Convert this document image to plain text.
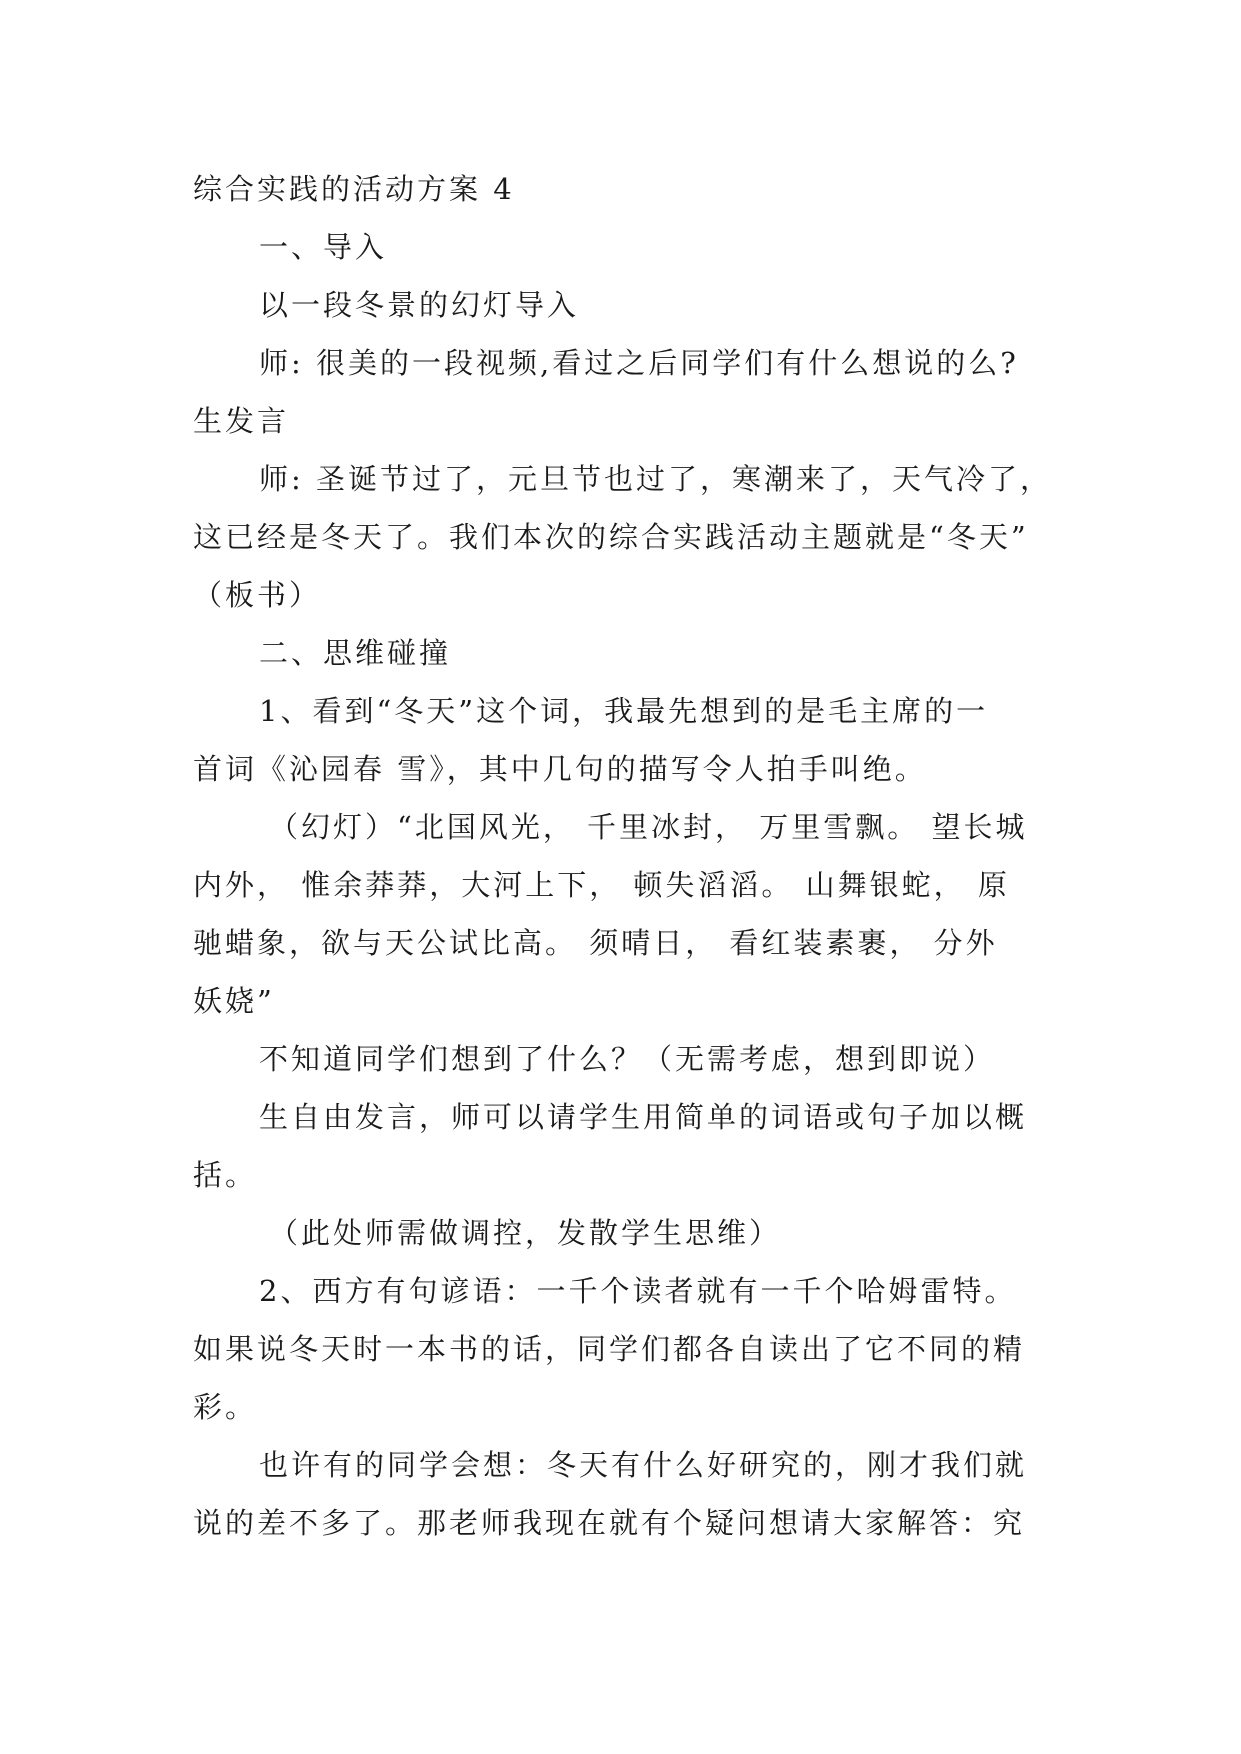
综合实践的活动方案 4
一、导入
以一段冬景的幻灯导入
师: 很美的一段视频,看过之后同学们有什么想说的么?
生发言
师: 圣诞节过了，元旦节也过了，寒潮来了，天气冷了，
这已经是冬天了。我们本次的综合实践活动主题就是“冬天”
（板书）
二、思维碰撞
1、看到“冬天”这个词，我最先想到的是毛主席的一
首词《沁园春 雪》，其中几句的描写令人拍手叫绝。
（幻灯）“北国风光， 千里冰封， 万里雪飘。 望长城
内外， 惟余莽莽，大河上下， 顿失滔滔。 山舞银蛇， 原
驰蜡象，欲与天公试比高。 须晴日， 看红装素裹， 分外
妖娆”
不知道同学们想到了什么？（无需考虑，想到即说）
生自由发言，师可以请学生用简单的词语或句子加以概
括。
（此处师需做调控，发散学生思维）
2、西方有句谚语：一千个读者就有一千个哈姆雷特。
如果说冬天时一本书的话，同学们都各自读出了它不同的精
彩。
也许有的同学会想：冬天有什么好研究的，刚才我们就
说的差不多了。那老师我现在就有个疑问想请大家解答：究
